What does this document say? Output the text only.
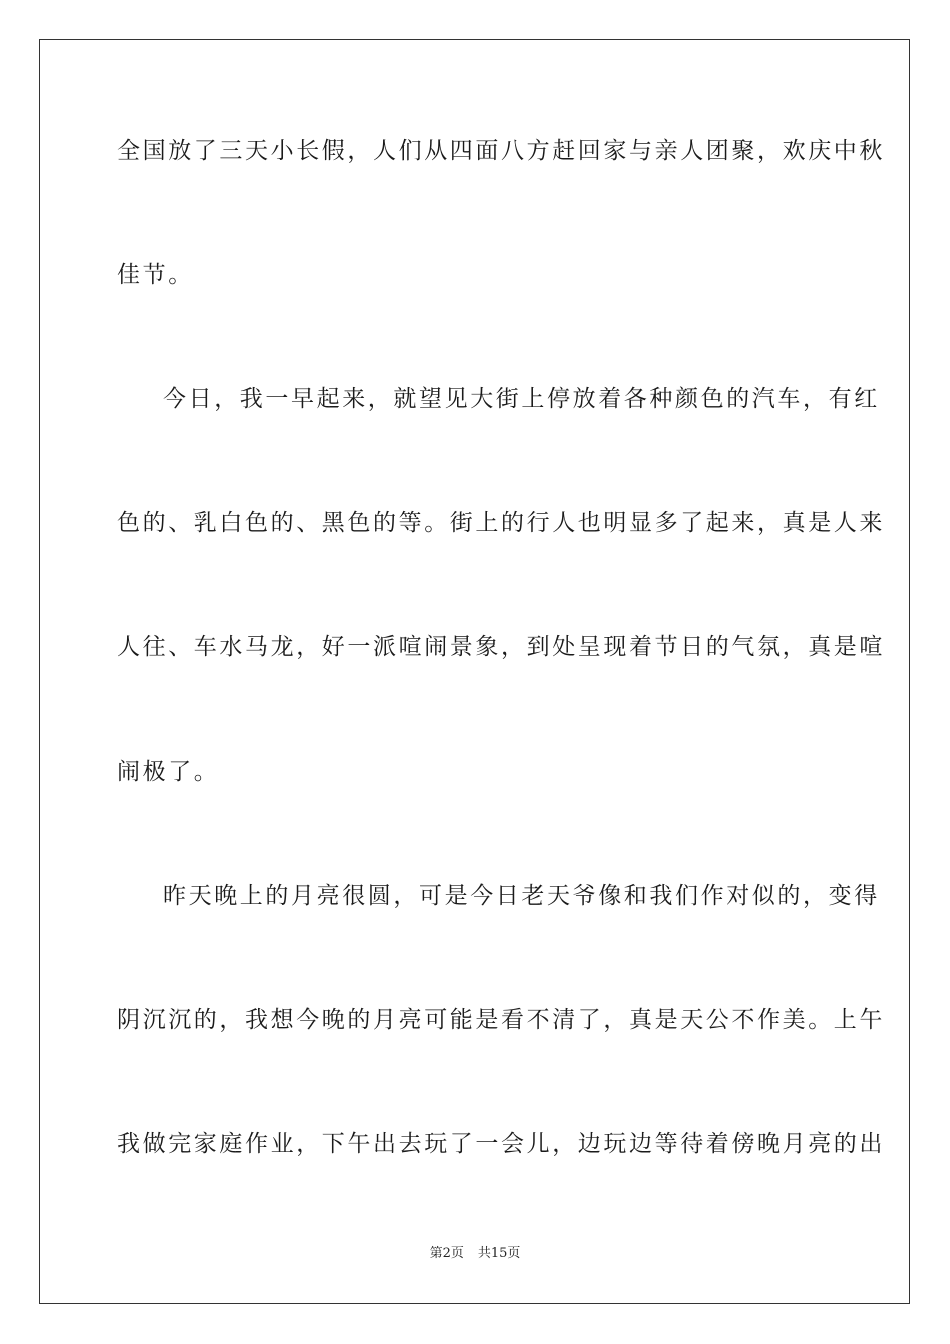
全国放了三天小长假，人们从四面八方赶回家与亲人团聚，欢庆中秋
佳节。
今日，我一早起来，就望见大街上停放着各种颜色的汽车，有红
色的、乳白色的、黑色的等。街上的行人也明显多了起来，真是人来
人往、车水马龙，好一派喧闹景象，到处呈现着节日的气氛，真是喧
闹极了。
昨天晚上的月亮很圆，可是今日老天爷像和我们作对似的，变得
阴沉沉的，我想今晚的月亮可能是看不清了，真是天公不作美。上午
我做完家庭作业，下午出去玩了一会儿，边玩边等待着傍晚月亮的出
第2页 共15页
